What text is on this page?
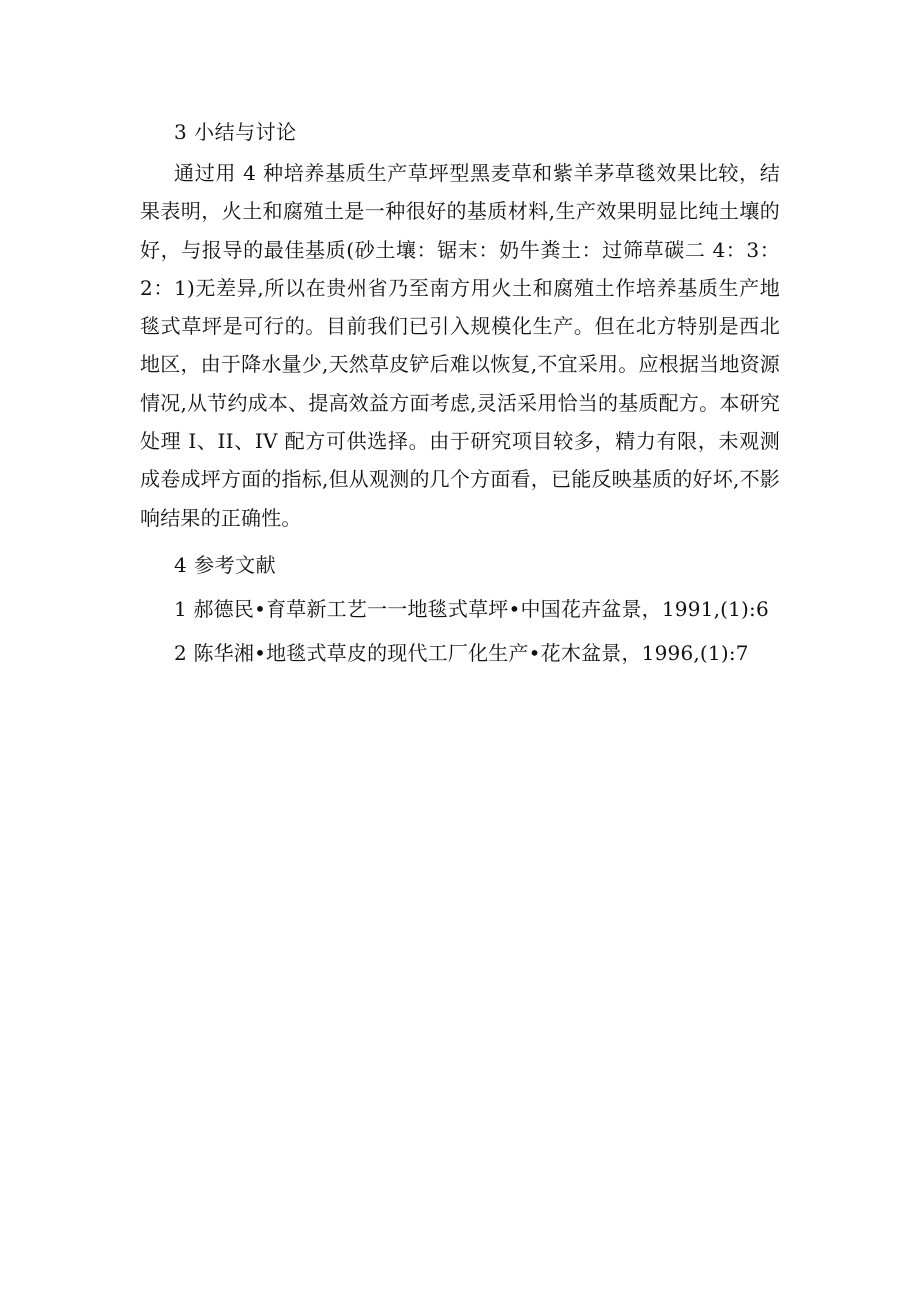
3 小结与讨论

通过用 4 种培养基质生产草坪型黑麦草和紫羊茅草毯效果比较，结果表明，火土和腐殖土是一种很好的基质材料,生产效果明显比纯土壤的好，与报导的最佳基质(砂土壤：锯末：奶牛粪土：过筛草碳二 4：3：2：1)无差异,所以在贵州省乃至南方用火土和腐殖土作培养基质生产地毯式草坪是可行的。目前我们已引入规模化生产。但在北方特别是西北地区，由于降水量少,天然草皮铲后难以恢复,不宜采用。应根据当地资源情况,从节约成本、提高效益方面考虑,灵活采用恰当的基质配方。本研究处理 I、II、IV 配方可供选择。由于研究项目较多，精力有限，未观测成卷成坪方面的指标,但从观测的几个方面看，已能反映基质的好坏,不影响结果的正确性。

4 参考文献
1 郝德民•育草新工艺一一地毯式草坪•中国花卉盆景，1991,(1):6
2 陈华湘•地毯式草皮的现代工厂化生产•花木盆景，1996,(1):7
